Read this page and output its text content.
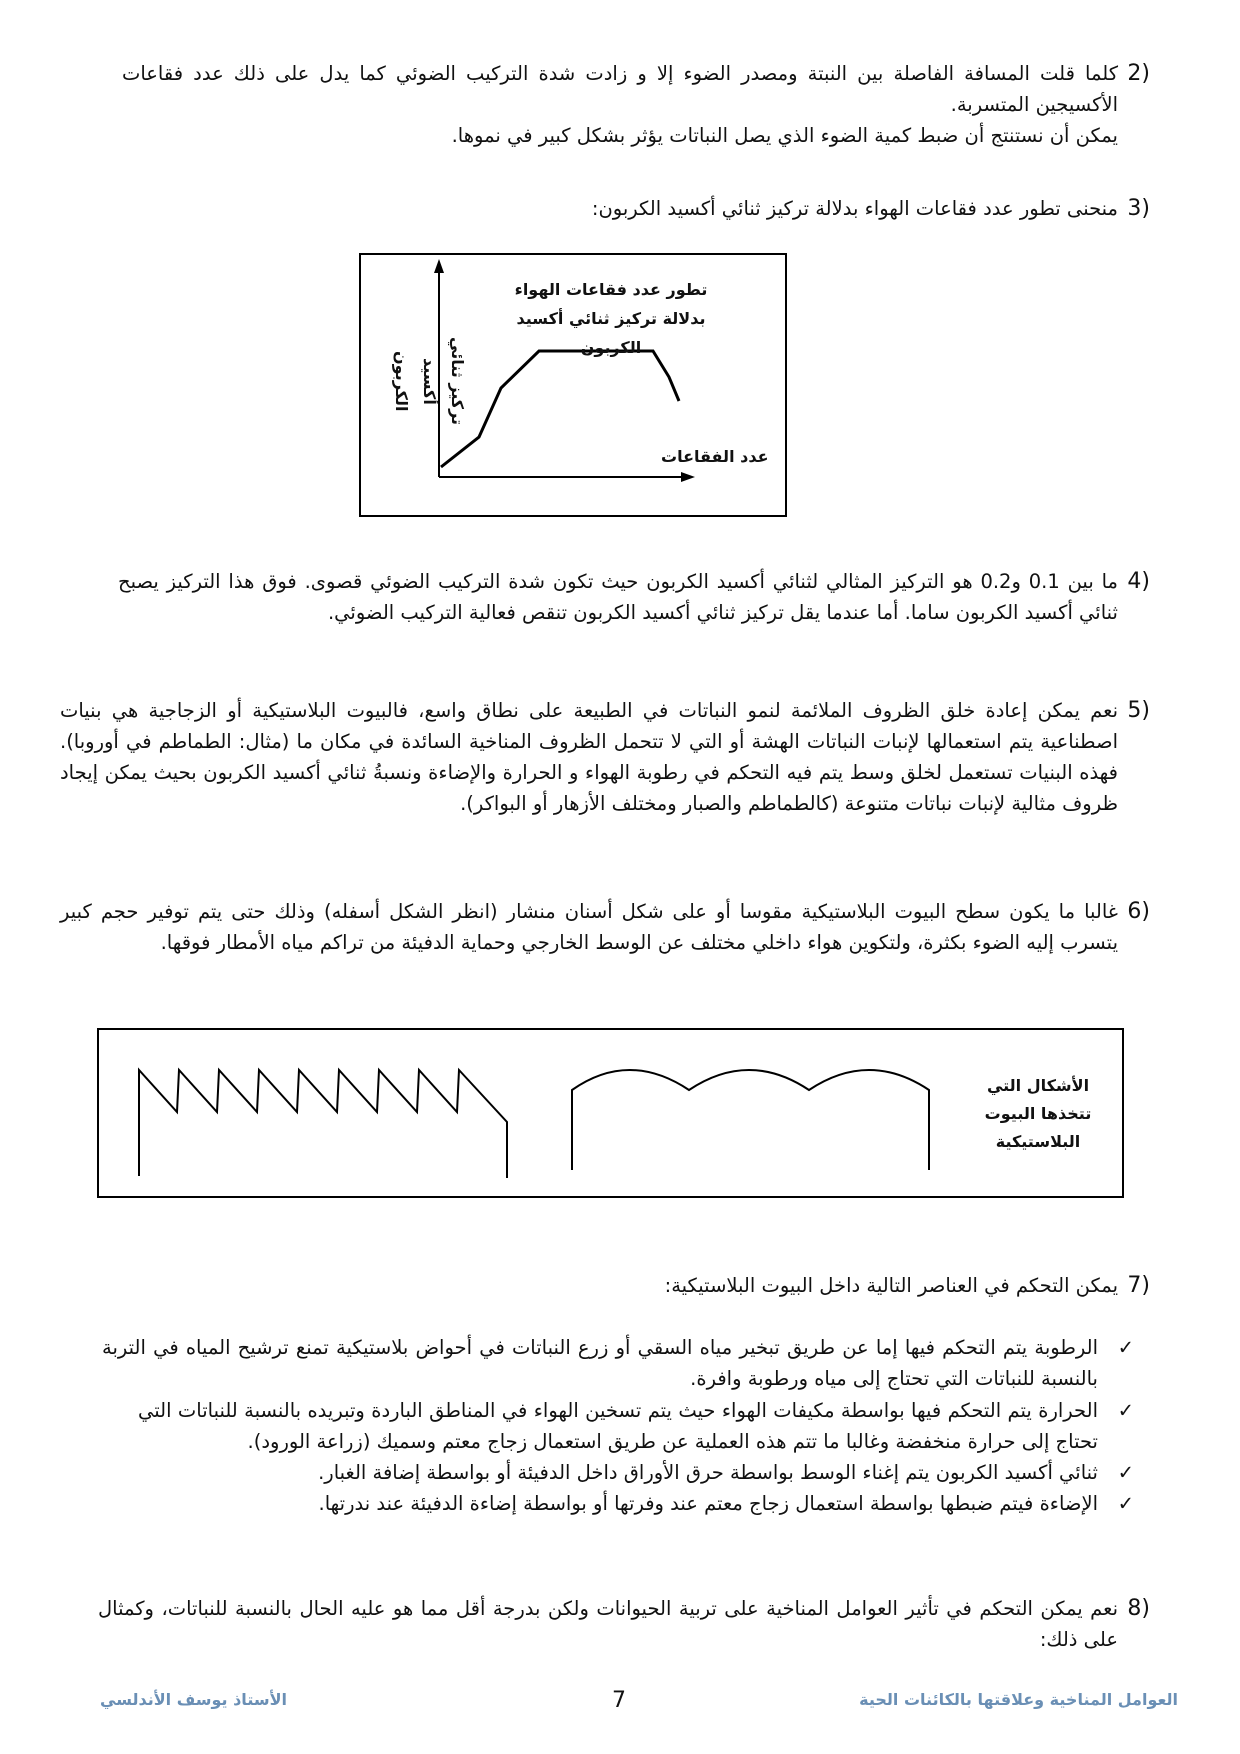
2)

كلما قلت المسافة الفاصلة بين النبتة ومصدر الضوء إلا و زادت شدة التركيب الضوئي كما يدل على ذلك عدد فقاعات الأكسيجين المتسربة.

يمكن أن نستنتج أن ضبط كمية الضوء الذي يصل النباتات يؤثر بشكل كبير في نموها.

3)

منحنى تطور عدد فقاعات الهواء بدلالة تركيز ثنائي أكسيد الكربون:

تركيز ثنائي أكسيد الكربون
تطور عدد فقاعات الهواء بدلالة تركيز ثنائي أكسيد الكربون
عدد الفقاعات
4)

ما بين 0.1 و0.2 هو التركيز المثالي لثنائي أكسيد الكربون حيث تكون شدة التركيب الضوئي قصوى. فوق هذا التركيز يصبح ثنائي أكسيد الكربون ساما. أما عندما يقل تركيز ثنائي أكسيد الكربون تنقص فعالية التركيب الضوئي.

5)

نعم يمكن إعادة خلق الظروف الملائمة لنمو النباتات في الطبيعة على نطاق واسع، فالبيوت البلاستيكية أو الزجاجية هي بنيات اصطناعية يتم استعمالها لإنبات النباتات الهشة أو التي لا تتحمل الظروف المناخية السائدة في مكان ما (مثال: الطماطم في أوروبا). فهذه البنيات تستعمل لخلق وسط يتم فيه التحكم في رطوبة الهواء و الحرارة والإضاءة ونسبةُ ثنائي أكسيد الكربون بحيث يمكن إيجاد ظروف مثالية لإنبات نباتات متنوعة (كالطماطم والصبار ومختلف الأزهار أو البواكر).

6)

غالبا ما يكون سطح البيوت البلاستيكية مقوسا أو على شكل أسنان منشار (انظر الشكل أسفله) وذلك حتى يتم توفير حجم كبير يتسرب إليه الضوء بكثرة، ولتكوين هواء داخلي مختلف عن الوسط الخارجي وحماية الدفيئة من تراكم مياه الأمطار فوقها.

الأشكال التي تتخذها البيوت البلاستيكية
7)

يمكن التحكم في العناصر التالية داخل البيوت البلاستيكية:

✓
الرطوبة يتم التحكم فيها إما عن طريق تبخير مياه السقي أو زرع النباتات في أحواض بلاستيكية تمنع ترشيح المياه في التربة بالنسبة للنباتات التي تحتاج إلى مياه ورطوبة وافرة.
✓
الحرارة يتم التحكم فيها بواسطة مكيفات الهواء حيث يتم تسخين الهواء في المناطق الباردة وتبريده بالنسبة للنباتات التي تحتاج إلى حرارة منخفضة وغالبا ما تتم هذه العملية عن طريق استعمال زجاج معتم وسميك (زراعة الورود).
✓
ثنائي أكسيد الكربون يتم إغناء الوسط بواسطة حرق الأوراق داخل الدفيئة أو بواسطة إضافة الغبار.
✓
الإضاءة فيتم ضبطها بواسطة استعمال زجاج معتم عند وفرتها أو بواسطة إضاءة الدفيئة عند ندرتها.
8)

نعم يمكن التحكم في تأثير العوامل المناخية على تربية الحيوانات ولكن بدرجة أقل مما هو عليه الحال بالنسبة للنباتات، وكمثال على ذلك:

الأستاذ يوسف الأندلسي	7	العوامل المناخية وعلاقتها بالكائنات الحية
